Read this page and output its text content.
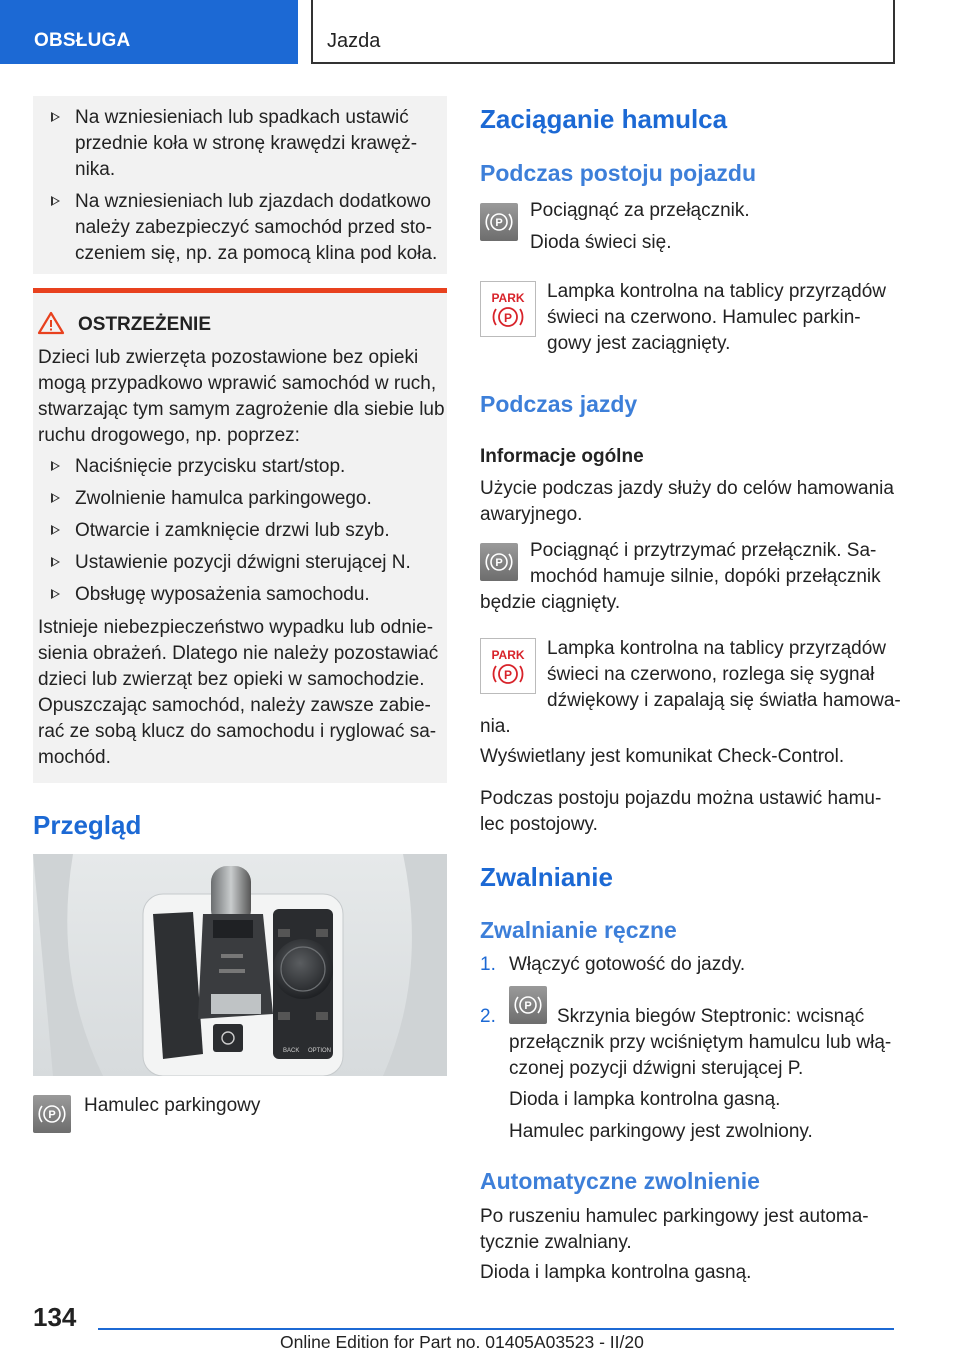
OBSŁUGA	Jazda
Na wzniesieniach lub spadkach ustawić
przednie koła w stronę krawędzi krawęż-
nika.
Na wzniesieniach lub zjazdach dodatkowo
należy zabezpieczyć samochód przed sto-
czeniem się, np. za pomocą klina pod koła.
OSTRZEŻENIE
Dzieci lub zwierzęta pozostawione bez opieki
mogą przypadkowo wprawić samochód w ruch,
stwarzając tym samym zagrożenie dla siebie lub
ruchu drogowego, np. poprzez:
Naciśnięcie przycisku start/stop.
Zwolnienie hamulca parkingowego.
Otwarcie i zamknięcie drzwi lub szyb.
Ustawienie pozycji dźwigni sterującej N.
Obsługę wyposażenia samochodu.
Istnieje niebezpieczeństwo wypadku lub odnie-
sienia obrażeń. Dlatego nie należy pozostawiać
dzieci lub zwierząt bez opieki w samochodzie.
Opuszczając samochód, należy zawsze zabie-
rać ze sobą klucz do samochodu i ryglować sa-
mochód.
Przegląd
BACK OPTION
P Hamulec parkingowy
Zaciąganie hamulca
Podczas postoju pojazdu
P
Pociągnąć za przełącznik.
Dioda świeci się.
PARK
P
Lampka kontrolna na tablicy przyrządów
świeci na czerwono. Hamulec parkin-
gowy jest zaciągnięty.
Podczas jazdy
Informacje ogólne
Użycie podczas jazdy służy do celów hamowania
awaryjnego.
P
Pociągnąć i przytrzymać przełącznik. Sa-
mochód hamuje silnie, dopóki przełącznik
będzie ciągnięty.
PARK
P
Lampka kontrolna na tablicy przyrządów
świeci na czerwono, rozlega się sygnał
dźwiękowy i zapalają się światła hamowa-
nia.
Wyświetlany jest komunikat Check-Control.
Podczas postoju pojazdu można ustawić hamu-
lec postojowy.
Zwalnianie
Zwalnianie ręczne
1. Włączyć gotowość do jazdy.
2.	P Skrzynia biegów Steptronic: wcisnąć
przełącznik przy wciśniętym hamulcu lub włą-
czonej pozycji dźwigni sterującej P.
Dioda i lampka kontrolna gasną.
Hamulec parkingowy jest zwolniony.
Automatyczne zwolnienie
Po ruszeniu hamulec parkingowy jest automa-
tycznie zwalniany.
Dioda i lampka kontrolna gasną.
134
Online Edition for Part no. 01405A03523 - II/20
